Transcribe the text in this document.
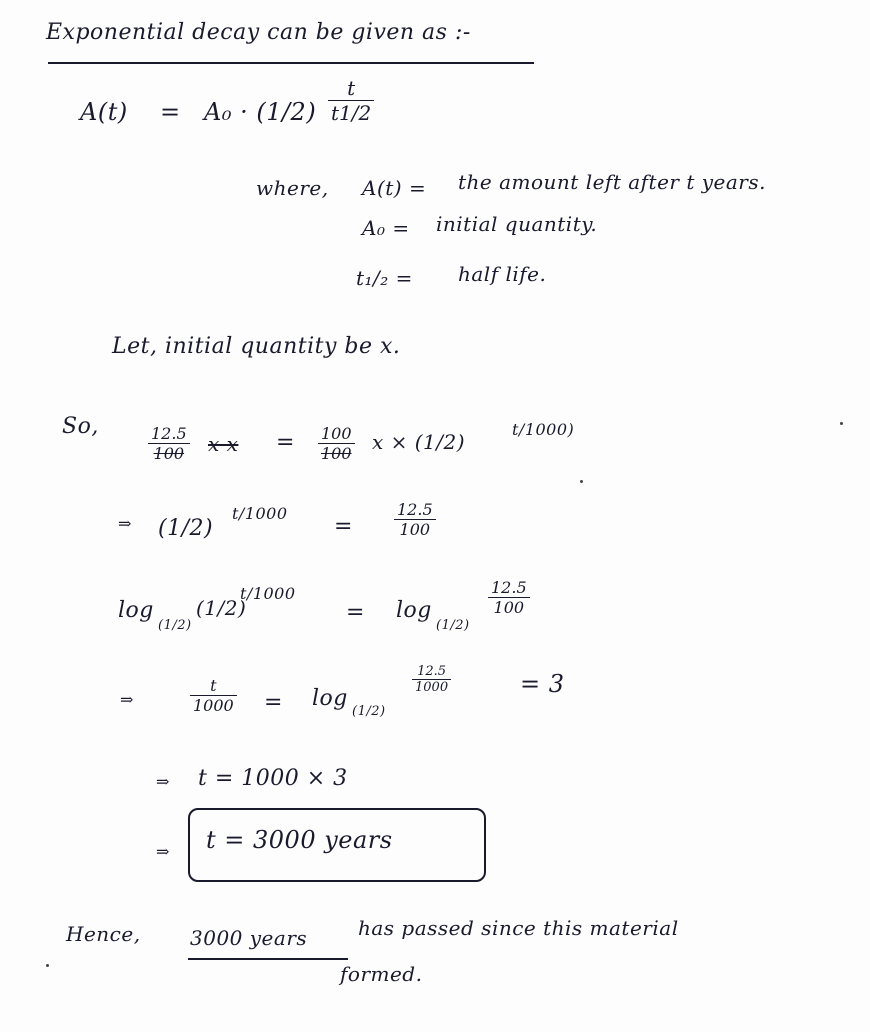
Exponential decay can be given as :-
$A(t) = A_0 \cdot (1/2) \frac{t}{t1/2}$
where, A(t) = the amount left after t years.
A₀ = initial quantity.
t₁/₂ = half life.
Let, initial quantity be x.
So,	$\frac{12.5}{100}$ x $x = \frac{100}{100}$ x × (1/2)
t/1000)
⇒ (1/2)
t/1000
=	$\frac{12.5}{100}$
log
(1/2)
(1/2)
t/1000
= log
(1/2)
$\frac{12.5}{100}$
⇒	$\frac{t}{1000} = \log$
(1/2)
$\frac{12.5}{1000}$	= 3
⇒ t = 1000 × 3
⇒ t = 3000 years
Hence, 3000 years	has passed since this material
formed.
